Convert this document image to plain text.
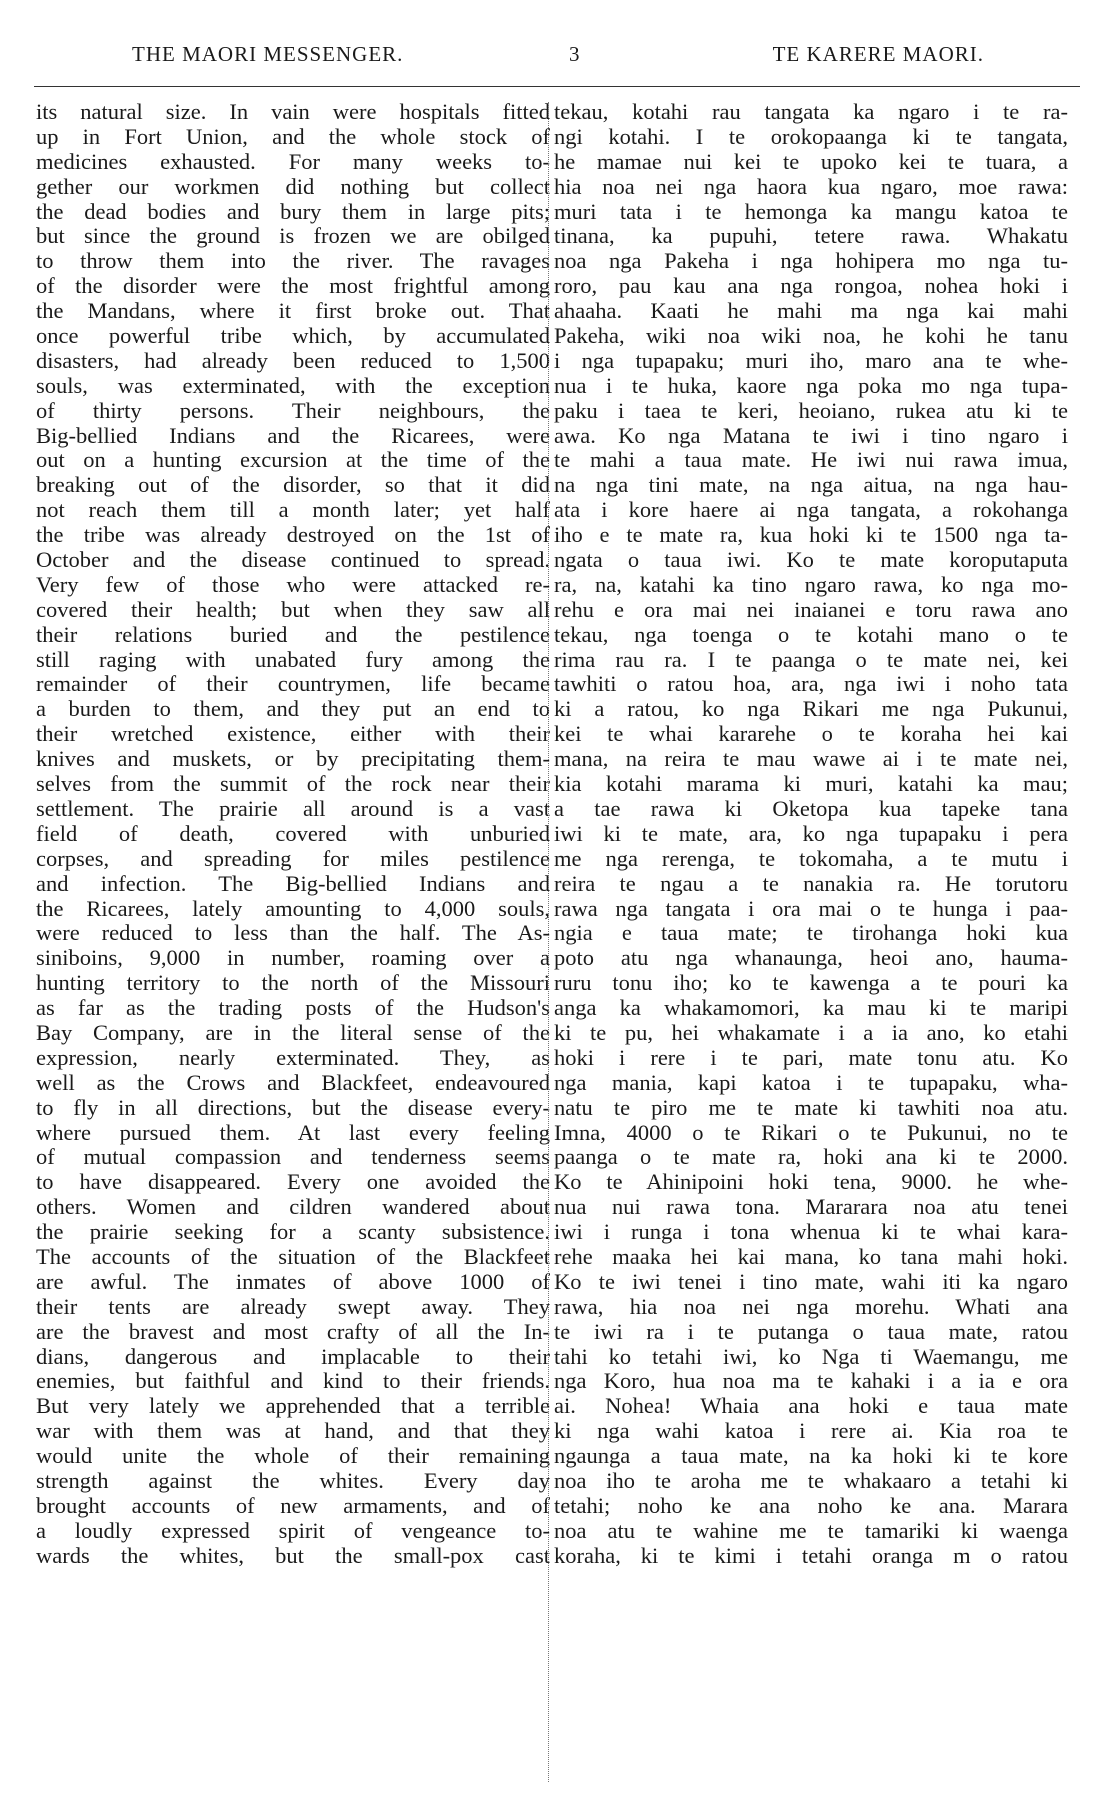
THE MAORI MESSENGER.	3	TE KARERE MAORI.
its natural size. In vain were hospitals fitted
up in Fort Union, and the whole stock of
medicines exhausted. For many weeks to-
gether our workmen did nothing but collect
the dead bodies and bury them in large pits;
but since the ground is frozen we are obilged
to throw them into the river. The ravages
of the disorder were the most frightful among
the Mandans, where it first broke out. That
once powerful tribe which, by accumulated
disasters, had already been reduced to 1,500
souls, was exterminated, with the exception
of thirty persons. Their neighbours, the
Big-bellied Indians and the Ricarees, were
out on a hunting excursion at the time of the
breaking out of the disorder, so that it did
not reach them till a month later; yet half
the tribe was already destroyed on the 1st of
October and the disease continued to spread.
Very few of those who were attacked re-
covered their health; but when they saw all
their relations buried and the pestilence
still raging with unabated fury among the
remainder of their countrymen, life became
a burden to them, and they put an end to
their wretched existence, either with their
knives and muskets, or by precipitating them-
selves from the summit of the rock near their
settlement. The prairie all around is a vast
field of death, covered with unburied
corpses, and spreading for miles pestilence
and infection. The Big-bellied Indians and
the Ricarees, lately amounting to 4,000 souls,
were reduced to less than the half. The As-
siniboins, 9,000 in number, roaming over a
hunting territory to the north of the Missouri
as far as the trading posts of the Hudson's
Bay Company, are in the literal sense of the
expression, nearly exterminated. They, as
well as the Crows and Blackfeet, endeavoured
to fly in all directions, but the disease every-
where pursued them. At last every feeling
of mutual compassion and tenderness seems
to have disappeared. Every one avoided the
others. Women and cildren wandered about
the prairie seeking for a scanty subsistence.
The accounts of the situation of the Blackfeet
are awful. The inmates of above 1000 of
their tents are already swept away. They
are the bravest and most crafty of all the In-
dians, dangerous and implacable to their
enemies, but faithful and kind to their friends.
But very lately we apprehended that a terrible
war with them was at hand, and that they
would unite the whole of their remaining
strength against the whites. Every day
brought accounts of new armaments, and of
a loudly expressed spirit of vengeance to-
wards the whites, but the small-pox cast
tekau, kotahi rau tangata ka ngaro i te ra-
ngi kotahi. I te orokopaanga ki te tangata,
he mamae nui kei te upoko kei te tuara, a
hia noa nei nga haora kua ngaro, moe rawa:
muri tata i te hemonga ka mangu katoa te
tinana, ka pupuhi, tetere rawa. Whakatu
noa nga Pakeha i nga hohipera mo nga tu-
roro, pau kau ana nga rongoa, nohea hoki i
ahaaha. Kaati he mahi ma nga kai mahi
Pakeha, wiki noa wiki noa, he kohi he tanu
i nga tupapaku; muri iho, maro ana te whe-
nua i te huka, kaore nga poka mo nga tupa-
paku i taea te keri, heoiano, rukea atu ki te
awa. Ko nga Matana te iwi i tino ngaro i
te mahi a taua mate. He iwi nui rawa imua,
na nga tini mate, na nga aitua, na nga hau-
ata i kore haere ai nga tangata, a rokohanga
iho e te mate ra, kua hoki ki te 1500 nga ta-
ngata o taua iwi. Ko te mate koroputaputa
ra, na, katahi ka tino ngaro rawa, ko nga mo-
rehu e ora mai nei inaianei e toru rawa ano
tekau, nga toenga o te kotahi mano o te
rima rau ra. I te paanga o te mate nei, kei
tawhiti o ratou hoa, ara, nga iwi i noho tata
ki a ratou, ko nga Rikari me nga Pukunui,
kei te whai kararehe o te koraha hei kai
mana, na reira te mau wawe ai i te mate nei,
kia kotahi marama ki muri, katahi ka mau;
a tae rawa ki Oketopa kua tapeke tana
iwi ki te mate, ara, ko nga tupapaku i pera
me nga rerenga, te tokomaha, a te mutu i
reira te ngau a te nanakia ra. He torutoru
rawa nga tangata i ora mai o te hunga i paa-
ngia e taua mate; te tirohanga hoki kua
poto atu nga whanaunga, heoi ano, hauma-
ruru tonu iho; ko te kawenga a te pouri ka
anga ka whakamomori, ka mau ki te maripi
ki te pu, hei whakamate i a ia ano, ko etahi
hoki i rere i te pari, mate tonu atu. Ko
nga mania, kapi katoa i te tupapaku, wha-
natu te piro me te mate ki tawhiti noa atu.
Imna, 4000 o te Rikari o te Pukunui, no te
paanga o te mate ra, hoki ana ki te 2000.
Ko te Ahinipoini hoki tena, 9000. he whe-
nua nui rawa tona. Mararara noa atu tenei
iwi i runga i tona whenua ki te whai kara-
rehe maaka hei kai mana, ko tana mahi hoki.
Ko te iwi tenei i tino mate, wahi iti ka ngaro
rawa, hia noa nei nga morehu. Whati ana
te iwi ra i te putanga o taua mate, ratou
tahi ko tetahi iwi, ko Nga ti Waemangu, me
nga Koro, hua noa ma te kahaki i a ia e ora
ai. Nohea! Whaia ana hoki e taua mate
ki nga wahi katoa i rere ai. Kia roa te
ngaunga a taua mate, na ka hoki ki te kore
noa iho te aroha me te whakaaro a tetahi ki
tetahi; noho ke ana noho ke ana. Marara
noa atu te wahine me te tamariki ki waenga
koraha, ki te kimi i tetahi oranga m o ratou
